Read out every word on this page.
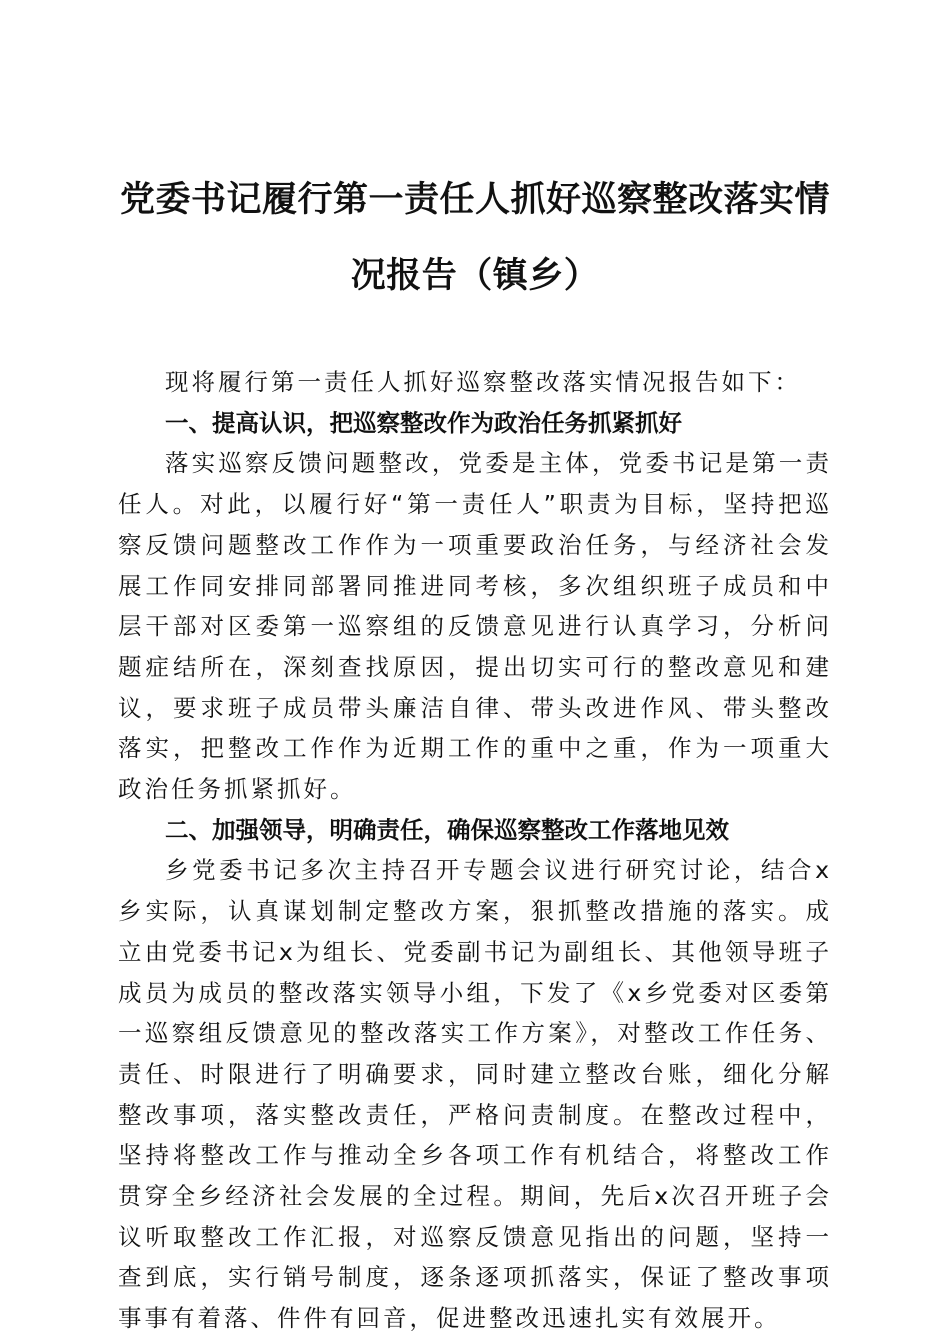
党委书记履行第一责任人抓好巡察整改落实情
况报告（镇乡）

现将履行第一责任人抓好巡察整改落实情况报告如下：

一、提高认识，把巡察整改作为政治任务抓紧抓好

落实巡察反馈问题整改，党委是主体，党委书记是第一责任人。对此，以履行好“第一责任人”职责为目标，坚持把巡察反馈问题整改工作作为一项重要政治任务，与经济社会发展工作同安排同部署同推进同考核，多次组织班子成员和中层干部对区委第一巡察组的反馈意见进行认真学习，分析问题症结所在，深刻查找原因，提出切实可行的整改意见和建议，要求班子成员带头廉洁自律、带头改进作风、带头整改落实，把整改工作作为近期工作的重中之重，作为一项重大政治任务抓紧抓好。

二、加强领导，明确责任，确保巡察整改工作落地见效

乡党委书记多次主持召开专题会议进行研究讨论，结合x乡实际，认真谋划制定整改方案，狠抓整改措施的落实。成立由党委书记x为组长、党委副书记为副组长、其他领导班子成员为成员的整改落实领导小组，下发了《x乡党委对区委第一巡察组反馈意见的整改落实工作方案》，对整改工作任务、责任、时限进行了明确要求，同时建立整改台账，细化分解整改事项，落实整改责任，严格问责制度。在整改过程中，坚持将整改工作与推动全乡各项工作有机结合，将整改工作贯穿全乡经济社会发展的全过程。期间，先后x次召开班子会议听取整改工作汇报，对巡察反馈意见指出的问题，坚持一查到底，实行销号制度，逐条逐项抓落实，保证了整改事项事事有着落、件件有回音，促进整改迅速扎实有效展开。
